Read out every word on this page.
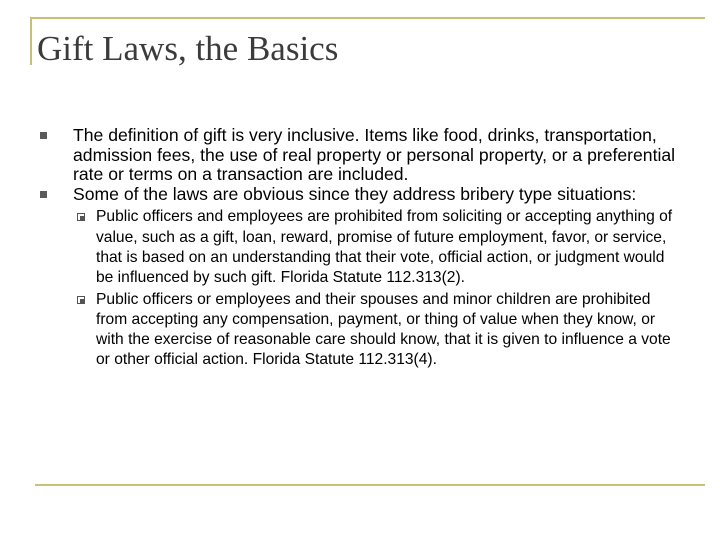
Gift Laws, the Basics
The definition of gift is very inclusive. Items like food, drinks, transportation, admission fees, the use of real property or personal property, or a preferential rate or terms on a transaction are included.
Some of the laws are obvious since they address bribery type situations:
Public officers and employees are prohibited from soliciting or accepting anything of value, such as a gift, loan, reward, promise of future employment, favor, or service, that is based on an understanding that their vote, official action, or judgment would be influenced by such gift. Florida Statute 112.313(2).
Public officers or employees and their spouses and minor children are prohibited from accepting any compensation, payment, or thing of value when they know, or with the exercise of reasonable care should know, that it is given to influence a vote or other official action. Florida Statute 112.313(4).
